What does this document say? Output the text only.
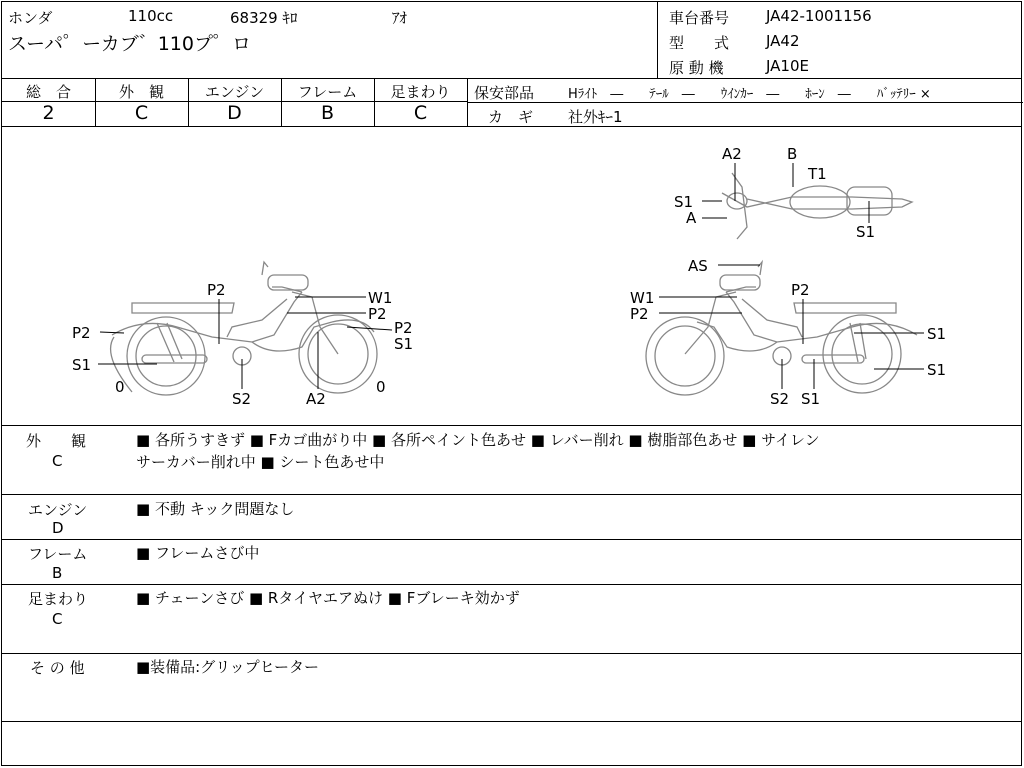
ホンダ	110cc	68329 ｷﾛ	ｱｵ
スーパ゜ーカブ゛110プ゜ロ
車台番号 JA42-1001156
型　　式 JA42
原 動 機	JA10E
総　合
2
外　観
C
エンジン
D
フレーム
B
足まわり
C
保安部品	Hﾗｲﾄ　―　　ﾃｰﾙ　―　　ｳｲﾝｶｰ　―　　ﾎｰﾝ　―　　ﾊﾞｯﾃﾘｰ ×
カ　ギ 社外ｷｰ1
P2
P2
S1
0
S2	A2
0
W1
P2
P2
S1
A2	B
T1
S1
A
S1
AS
W1
P2
P2
S1
S1
S2 S1
外　　観
C
■ 各所うすきず ■ Fカゴ曲がり中 ■ 各所ペイント色あせ ■ レバー削れ ■ 樹脂部色あせ ■ サイレン
サーカバー削れ中 ■ シート色あせ中
エンジン
D
■ 不動 キック問題なし
フレーム
B
■ フレームさび中
足まわり
C
■ チェーンさび ■ Rタイヤエアぬけ ■ Fブレーキ効かず
そ の 他	■装備品:グリップヒーター
